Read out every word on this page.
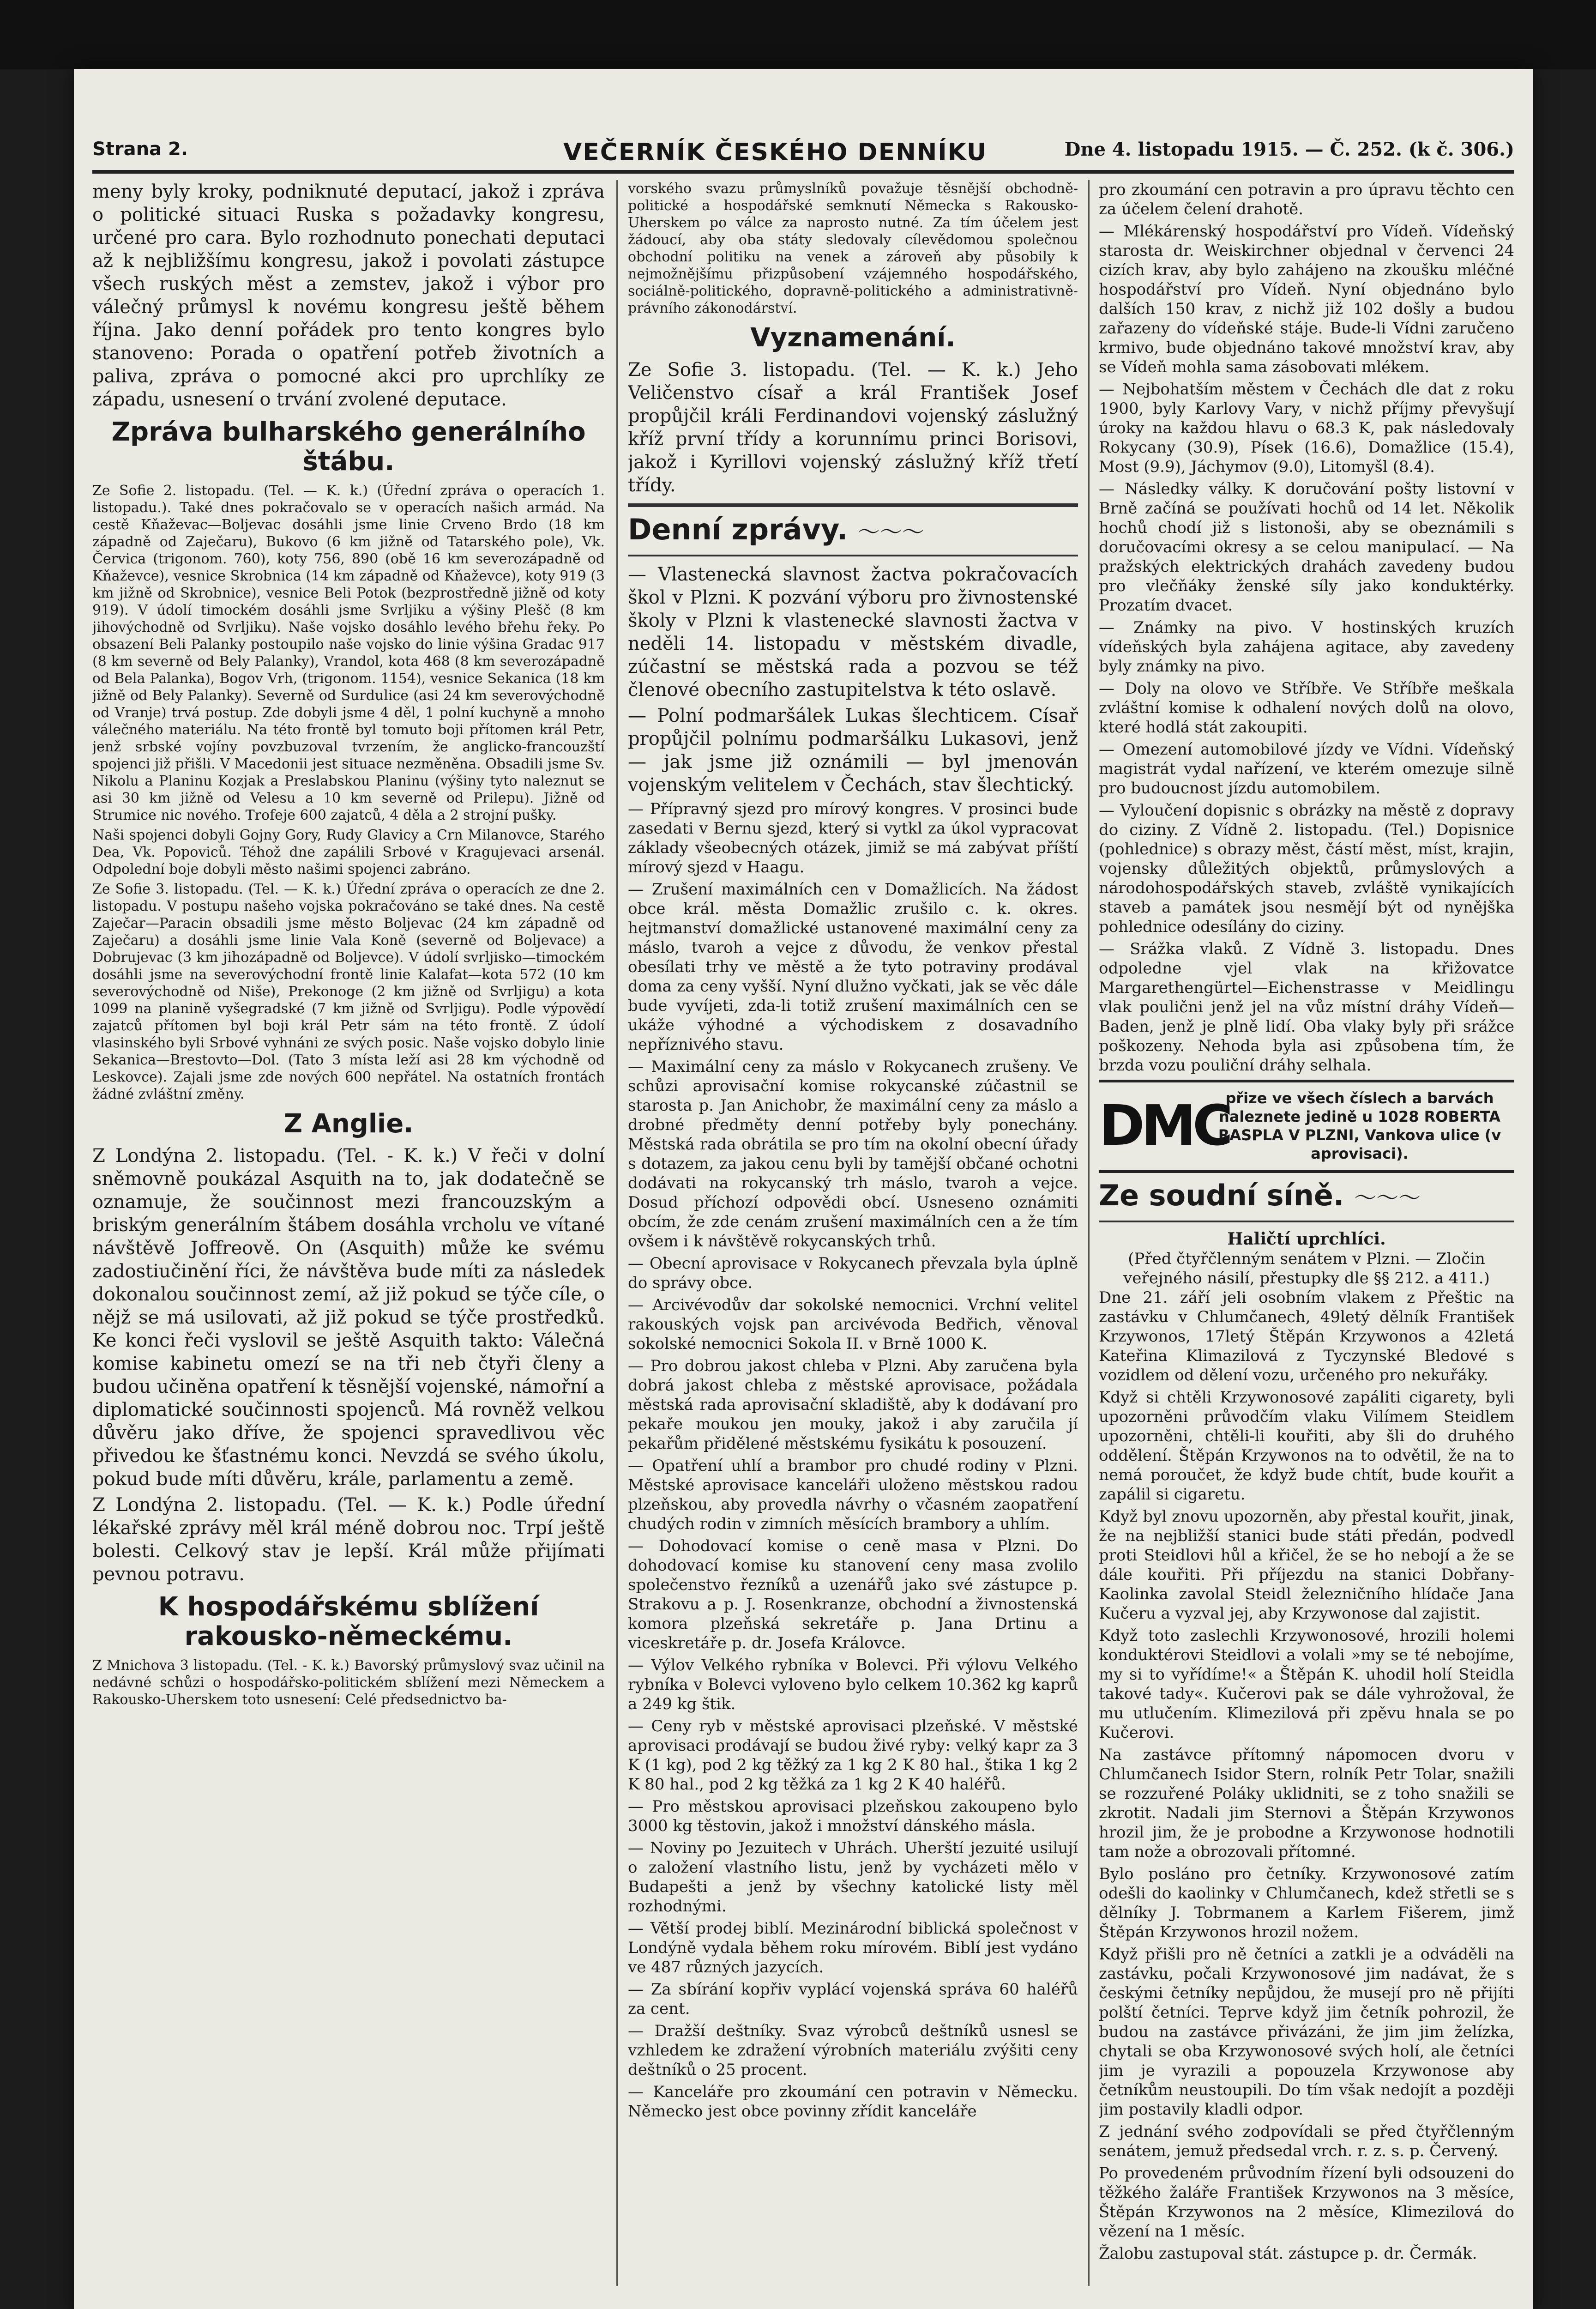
Strana 2.	VEČERNÍK ČESKÉHO DENNÍKU	Dne 4. listopadu 1915. — Č. 252. (k č. 306.)

meny byly kroky, podniknuté deputací, jakož i zpráva o politické situaci Ruska s požadavky kongresu, určené pro cara. Bylo rozhodnuto ponechati deputaci až k nejbližšímu kongresu, jakož i povolati zástupce všech ruských měst a zemstev, jakož i výbor pro válečný průmysl k novému kongresu ještě během října. Jako denní pořádek pro tento kongres bylo stanoveno: Porada o opatření potřeb životních a paliva, zpráva o pomocné akci pro uprchlíky ze západu, usnesení o trvání zvolené deputace.

Zpráva bulharského generálního štábu.

Ze Sofie 2. listopadu. (Tel. — K. k.) (Úřední zpráva o operacích 1. listopadu.). Také dnes pokračovalo se v operacích našich armád. Na cestě Kňaževac—Boljevac dosáhli jsme linie Crveno Brdo (18 km západně od Zaječaru), Bukovo (6 km jižně od Tatarského pole), Vk. Červica (trigonom. 760), koty 756, 890 (obě 16 km severozápadně od Kňaževce), vesnice Skrobnica (14 km západně od Kňaževce), koty 919 (3 km jižně od Skrobnice), vesnice Beli Potok (bezprostředně jižně od koty 919). V údolí timockém dosáhli jsme Svrljiku a výšiny Plešč (8 km jihovýchodně od Svrljiku). Naše vojsko dosáhlo levého břehu řeky. Po obsazení Beli Palanky postoupilo naše vojsko do linie výšina Gradac 917 (8 km severně od Bely Palanky), Vrandol, kota 468 (8 km severozápadně od Bela Palanka), Bogov Vrh, (trigonom. 1154), vesnice Sekanica (18 km jižně od Bely Palanky). Severně od Surdulice (asi 24 km severovýchodně od Vranje) trvá postup. Zde dobyli jsme 4 děl, 1 polní kuchyně a mnoho válečného materiálu. Na této frontě byl tomuto boji přítomen král Petr, jenž srbské vojíny povzbuzoval tvrzením, že anglicko-francouzští spojenci již přišli. V Macedonii jest situace nezměněna. Obsadili jsme Sv. Nikolu a Planinu Kozjak a Preslabskou Planinu (výšiny tyto naleznut se asi 30 km jižně od Velesu a 10 km severně od Prilepu). Jižně od Strumice nic nového. Trofeje 600 zajatců, 4 děla a 2 strojní pušky.

Naši spojenci dobyli Gojny Gory, Rudy Glavicy a Crn Milanovce, Starého Dea, Vk. Popoviců. Téhož dne zapálili Srbové v Kragujevaci arsenál. Odpolední boje dobyli město našimi spojenci zabráno.

Ze Sofie 3. listopadu. (Tel. — K. k.) Úřední zpráva o operacích ze dne 2. listopadu. V postupu našeho vojska pokračováno se také dnes. Na cestě Zaječar—Paracin obsadili jsme město Boljevac (24 km západně od Zaječaru) a dosáhli jsme linie Vala Koně (severně od Boljevace) a Dobrujevac (3 km jihozápadně od Boljevce). V údolí svrljisko—timockém dosáhli jsme na severovýchodní frontě linie Kalafat—kota 572 (10 km severovýchodně od Niše), Prekonoge (2 km jižně od Svrljigu) a kota 1099 na planině vyšegradské (7 km jižně od Svrljigu). Podle výpovědí zajatců přítomen byl boji král Petr sám na této frontě. Z údolí vlasinského byli Srbové vyhnáni ze svých posic. Naše vojsko dobylo linie Sekanica—Brestovto—Dol. (Tato 3 místa leží asi 28 km východně od Leskovce). Zajali jsme zde nových 600 nepřátel. Na ostatních frontách žádné zvláštní změny.

Z Anglie.

Z Londýna 2. listopadu. (Tel. - K. k.) V řeči v dolní sněmovně poukázal Asquith na to, jak dodatečně se oznamuje, že součinnost mezi francouzským a briským generálním štábem dosáhla vrcholu ve vítané návštěvě Joffreově. On (Asquith) může ke svému zadostiučinění říci, že návštěva bude míti za následek dokonalou součinnost zemí, až již pokud se týče cíle, o nějž se má usilovati, až již pokud se týče prostředků. Ke konci řeči vyslovil se ještě Asquith takto: Válečná komise kabinetu omezí se na tři neb čtyři členy a budou učiněna opatření k těsnější vojenské, námořní a diplomatické součinnosti spojenců. Má rovněž velkou důvěru jako dříve, že spojenci spravedlivou věc přivedou ke šťastnému konci. Nevzdá se svého úkolu, pokud bude míti důvěru, krále, parlamentu a země.

Z Londýna 2. listopadu. (Tel. — K. k.) Podle úřední lékařské zprávy měl král méně dobrou noc. Trpí ještě bolesti. Celkový stav je lepší. Král může přijímati pevnou potravu.

K hospodářskému sblížení rakousko-německému.

Z Mnichova 3 listopadu. (Tel. - K. k.) Bavorský průmyslový svaz učinil na nedávné schůzi o hospodářsko-politickém sblížení mezi Německem a Rakousko-Uherskem toto usnesení: Celé předsednictvo ba-

vorského svazu průmyslníků považuje těsnější obchodně-politické a hospodářské semknutí Německa s Rakousko-Uherskem po válce za naprosto nutné. Za tím účelem jest žádoucí, aby oba státy sledovaly cílevědomou společnou obchodní politiku na venek a zároveň aby působily k nejmožnějšímu přizpůsobení vzájemného hospodářského, sociálně-politického, dopravně-politického a administrativně-právního zákonodárství.

Vyznamenání.

Ze Sofie 3. listopadu. (Tel. — K. k.) Jeho Veličenstvo císař a král František Josef propůjčil králi Ferdinandovi vojenský záslužný kříž první třídy a korunnímu princi Borisovi, jakož i Kyrillovi vojenský záslužný kříž třetí třídy.

Denní zprávy. ～～～

— Vlastenecká slavnost žactva pokračovacích škol v Plzni. K pozvání výboru pro živnostenské školy v Plzni k vlastenecké slavnosti žactva v neděli 14. listopadu v městském divadle, zúčastní se městská rada a pozvou se též členové obecního zastupitelstva k této oslavě.

— Polní podmaršálek Lukas šlechticem. Císař propůjčil polnímu podmaršálku Lukasovi, jenž — jak jsme již oznámili — byl jmenován vojenským velitelem v Čechách, stav šlechtický.

— Přípravný sjezd pro mírový kongres. V prosinci bude zasedati v Bernu sjezd, který si vytkl za úkol vypracovat základy všeobecných otázek, jimiž se má zabývat příští mírový sjezd v Haagu.

— Zrušení maximálních cen v Domažlicích. Na žádost obce král. města Domažlic zrušilo c. k. okres. hejtmanství domažlické ustanovené maximální ceny za máslo, tvaroh a vejce z důvodu, že venkov přestal obesílati trhy ve městě a že tyto potraviny prodával doma za ceny vyšší. Nyní dlužno vyčkati, jak se věc dále bude vyvíjeti, zda-li totiž zrušení maximálních cen se ukáže výhodné a východiskem z dosavadního nepříznivého stavu.

— Maximální ceny za máslo v Rokycanech zrušeny. Ve schůzi aprovisační komise rokycanské zúčastnil se starosta p. Jan Anichobr, že maximální ceny za máslo a drobné předměty denní potřeby byly ponechány. Městská rada obrátila se pro tím na okolní obecní úřady s dotazem, za jakou cenu byli by tamější občané ochotni dodávati na rokycanský trh máslo, tvaroh a vejce. Dosud příchozí odpovědi obcí. Usneseno oznámiti obcím, že zde cenám zrušení maximálních cen a že tím ovšem i k návštěvě rokycanských trhů.

— Obecní aprovisace v Rokycanech převzala byla úplně do správy obce.

— Arcivévodův dar sokolské nemocnici. Vrchní velitel rakouských vojsk pan arcivévoda Bedřich, věnoval sokolské nemocnici Sokola II. v Brně 1000 K.

— Pro dobrou jakost chleba v Plzni. Aby zaručena byla dobrá jakost chleba z městské aprovisace, požádala městská rada aprovisační skladiště, aby k dodávaní pro pekaře moukou jen mouky, jakož i aby zaručila jí pekařům přidělené městskému fysikátu k posouzení.

— Opatření uhlí a brambor pro chudé rodiny v Plzni. Městské aprovisace kanceláři uloženo městskou radou plzeňskou, aby provedla návrhy o včasném zaopatření chudých rodin v zimních měsících brambory a uhlím.

— Dohodovací komise o ceně masa v Plzni. Do dohodovací komise ku stanovení ceny masa zvolilo společenstvo řezníků a uzenářů jako své zástupce p. Strakovu a p. J. Rosenkranze, obchodní a živnostenská komora plzeňská sekretáře p. Jana Drtinu a viceskretáře p. dr. Josefa Královce.

— Výlov Velkého rybníka v Bolevci. Při výlovu Velkého rybníka v Bolevci vyloveno bylo celkem 10.362 kg kaprů a 249 kg štik.

— Ceny ryb v městské aprovisaci plzeňské. V městské aprovisaci prodávají se budou živé ryby: velký kapr za 3 K (1 kg), pod 2 kg těžký za 1 kg 2 K 80 hal., štika 1 kg 2 K 80 hal., pod 2 kg těžká za 1 kg 2 K 40 haléřů.

— Pro městskou aprovisaci plzeňskou zakoupeno bylo 3000 kg těstovin, jakož i množství dánského másla.

— Noviny po Jezuitech v Uhrách. Uherští jezuité usilují o založení vlastního listu, jenž by vycházeti mělo v Budapešti a jenž by všechny katolické listy měl rozhodnými.

— Větší prodej biblí. Mezinárodní biblická společnost v Londýně vydala během roku mírovém. Biblí jest vydáno ve 487 různých jazycích.

— Za sbírání kopřiv vyplácí vojenská správa 60 haléřů za cent.

— Dražší deštníky. Svaz výrobců deštníků usnesl se vzhledem ke zdražení výrobních materiálu zvýšiti ceny deštníků o 25 procent.

— Kanceláře pro zkoumání cen potravin v Německu. Německo jest obce povinny zřídit kanceláře

pro zkoumání cen potravin a pro úpravu těchto cen za účelem čelení drahotě.

— Mlékárenský hospodářství pro Vídeň. Vídeňský starosta dr. Weiskirchner objednal v červenci 24 cizích krav, aby bylo zahájeno na zkoušku mléčné hospodářství pro Vídeň. Nyní objednáno bylo dalších 150 krav, z nichž již 102 došly a budou zařazeny do vídeňské stáje. Bude-li Vídni zaručeno krmivo, bude objednáno takové množství krav, aby se Vídeň mohla sama zásobovati mlékem.

— Nejbohatším městem v Čechách dle dat z roku 1900, byly Karlovy Vary, v nichž příjmy převyšují úroky na každou hlavu o 68.3 K, pak následovaly Rokycany (30.9), Písek (16.6), Domažlice (15.4), Most (9.9), Jáchymov (9.0), Litomyšl (8.4).

— Následky války. K doručování pošty listovní v Brně začíná se používati hochů od 14 let. Několik hochů chodí již s listonoši, aby se obeznámili s doručovacími okresy a se celou manipulací. — Na pražských elektrických drahách zavedeny budou pro vlečňáky ženské síly jako konduktérky. Prozatím dvacet.

— Známky na pivo. V hostinských kruzích vídeňských byla zahájena agitace, aby zavedeny byly známky na pivo.

— Doly na olovo ve Stříbře. Ve Stříbře meškala zvláštní komise k odhalení nových dolů na olovo, které hodlá stát zakoupiti.

— Omezení automobilové jízdy ve Vídni. Vídeňský magistrát vydal nařízení, ve kterém omezuje silně pro budoucnost jízdu automobilem.

— Vyloučení dopisnic s obrázky na městě z dopravy do ciziny. Z Vídně 2. listopadu. (Tel.) Dopisnice (pohlednice) s obrazy měst, částí měst, míst, krajin, vojensky důležitých objektů, průmyslových a národohospodářských staveb, zvláště vynikajících staveb a památek jsou nesmějí být od nynějška pohlednice odesílány do ciziny.

— Srážka vlaků. Z Vídně 3. listopadu. Dnes odpoledne vjel vlak na křižovatce Margarethengürtel—Eichenstrasse v Meidlingu vlak poulični jenž jel na vůz místní dráhy Vídeň—Baden, jenž je plně lidí. Oba vlaky byly při srážce poškozeny. Nehoda byla asi způsobena tím, že brzda vozu pouliční dráhy selhala.

DMC
přize ve všech číslech a barvách naleznete jedině u 1028 ROBERTA RASPLA V PLZNI, Vankova ulice (v aprovisaci).
Ze soudní síně. ～～～
Haličtí uprchlíci.
(Před čtyřčlenným senátem v Plzni. — Zločin veřejného násilí, přestupky dle §§ 212. a 411.)

Dne 21. září jeli osobním vlakem z Přeštic na zastávku v Chlumčanech, 49letý dělník František Krzywonos, 17letý Štěpán Krzywonos a 42letá Kateřina Klimazilová z Tyczynské Bledové s vozidlem od dělení vozu, určeného pro nekuřáky.

Když si chtěli Krzywonosové zapáliti cigarety, byli upozorněni průvodčím vlaku Vilímem Steidlem upozorněni, chtěli-li kouřiti, aby šli do druhého oddělení. Štěpán Krzywonos na to odvětil, že na to nemá poroučet, že když bude chtít, bude kouřit a zapálil si cigaretu.

Když byl znovu upozorněn, aby přestal kouřit, jinak, že na nejbližší stanici bude státi předán, podvedl proti Steidlovi hůl a křičel, že se ho nebojí a že se dále kouřiti. Při příjezdu na stanici Dobřany-Kaolinka zavolal Steidl železničního hlídače Jana Kučeru a vyzval jej, aby Krzywonose dal zajistit.

Když toto zaslechli Krzywonosové, hrozili holemi konduktérovi Steidlovi a volali »my se té nebojíme, my si to vyřídíme!« a Štěpán K. uhodil holí Steidla takové tady«. Kučerovi pak se dále vyhrožoval, že mu utlučením. Klimezilová při zpěvu hnala se po Kučerovi.

Na zastávce přítomný nápomocen dvoru v Chlumčanech Isidor Stern, rolník Petr Tolar, snažili se rozzuřené Poláky uklidniti, se z toho snažili se zkrotit. Nadali jim Sternovi a Štěpán Krzywonos hrozil jim, že je probodne a Krzywonose hodnotili tam nože a obrozovali přítomné.

Bylo posláno pro četníky. Krzywonosové zatím odešli do kaolinky v Chlumčanech, kdež střetli se s dělníky J. Tobrmanem a Karlem Fišerem, jimž Štěpán Krzywonos hrozil nožem.

Když přišli pro ně četníci a zatkli je a odváděli na zastávku, počali Krzywonosové jim nadávat, že s českými četníky nepůjdou, že musejí pro ně přijíti polští četníci. Teprve když jim četník pohrozil, že budou na zastávce přivázáni, že jim jim želízka, chytali se oba Krzywonosové svých holí, ale četníci jim je vyrazili a popouzela Krzywonose aby četníkům neustoupili. Do tím však nedojít a později jim postavily kladli odpor.

Z jednání svého zodpovídali se před čtyřčlenným senátem, jemuž předsedal vrch. r. z. s. p. Červený.

Po provedeném průvodním řízení byli odsouzeni do těžkého žaláře František Krzywonos na 3 měsíce, Štěpán Krzywonos na 2 měsíce, Klimezilová do vězení na 1 měsíc.

Žalobu zastupoval stát. zástupce p. dr. Čermák.
